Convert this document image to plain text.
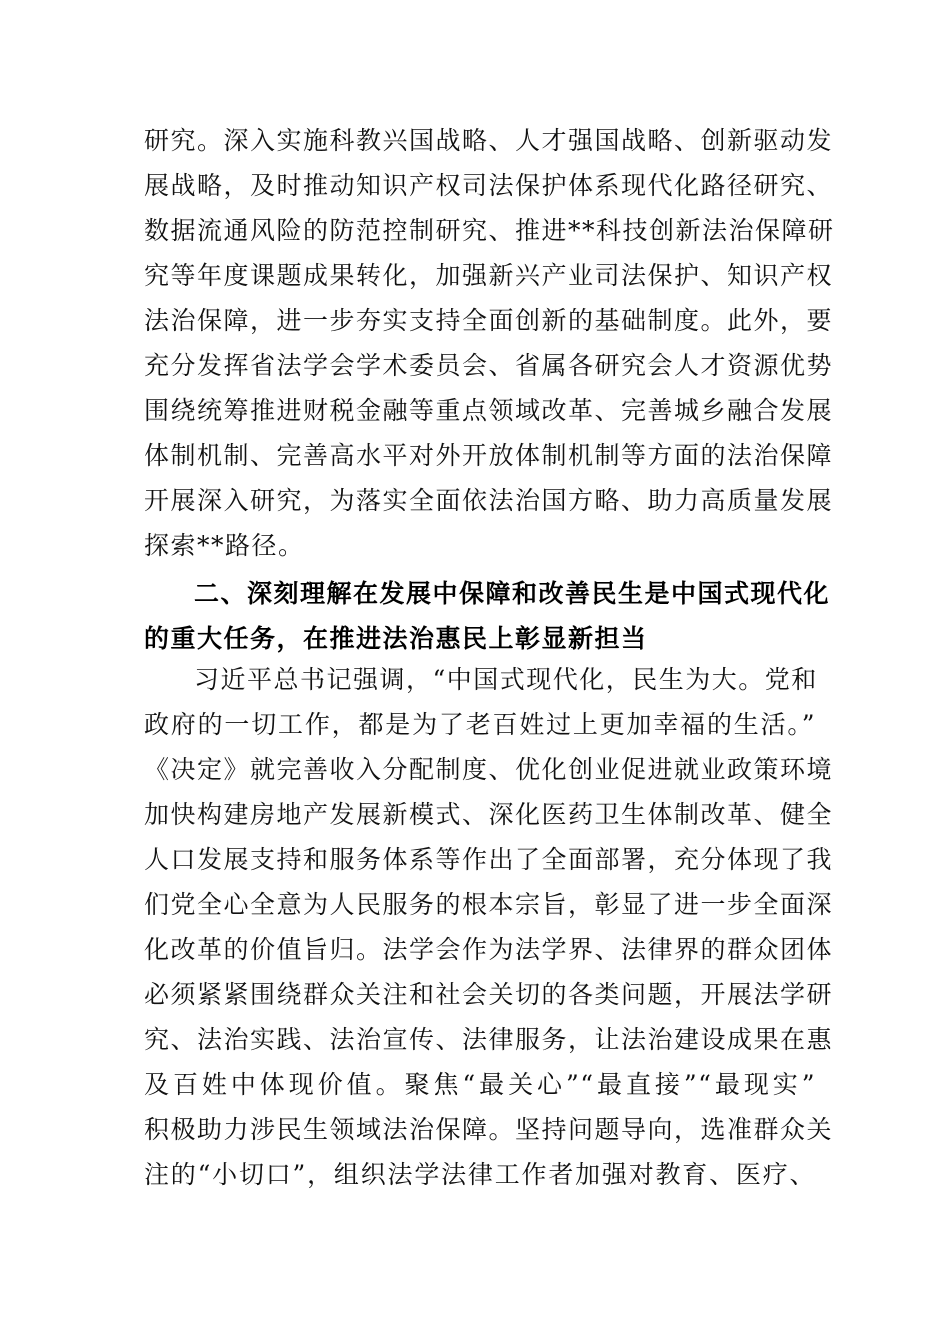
研究。深入实施科教兴国战略、人才强国战略、创新驱动发
展战略，及时推动知识产权司法保护体系现代化路径研究、
数据流通风险的防范控制研究、推进**科技创新法治保障研
究等年度课题成果转化，加强新兴产业司法保护、知识产权
法治保障，进一步夯实支持全面创新的基础制度。此外，要
充分发挥省法学会学术委员会、省属各研究会人才资源优势
围绕统筹推进财税金融等重点领域改革、完善城乡融合发展
体制机制、完善高水平对外开放体制机制等方面的法治保障
开展深入研究，为落实全面依法治国方略、助力高质量发展
探索**路径。
二、深刻理解在发展中保障和改善民生是中国式现代化
的重大任务，在推进法治惠民上彰显新担当
习近平总书记强调，“中国式现代化，民生为大。党和
政府的一切工作，都是为了老百姓过上更加幸福的生活。”
《决定》就完善收入分配制度、优化创业促进就业政策环境
加快构建房地产发展新模式、深化医药卫生体制改革、健全
人口发展支持和服务体系等作出了全面部署，充分体现了我
们党全心全意为人民服务的根本宗旨，彰显了进一步全面深
化改革的价值旨归。法学会作为法学界、法律界的群众团体
必须紧紧围绕群众关注和社会关切的各类问题，开展法学研
究、法治实践、法治宣传、法律服务，让法治建设成果在惠
及百姓中体现价值。聚焦“最关心”“最直接”“最现实”
积极助力涉民生领域法治保障。坚持问题导向，选准群众关
注的“小切口”，组织法学法律工作者加强对教育、医疗、
